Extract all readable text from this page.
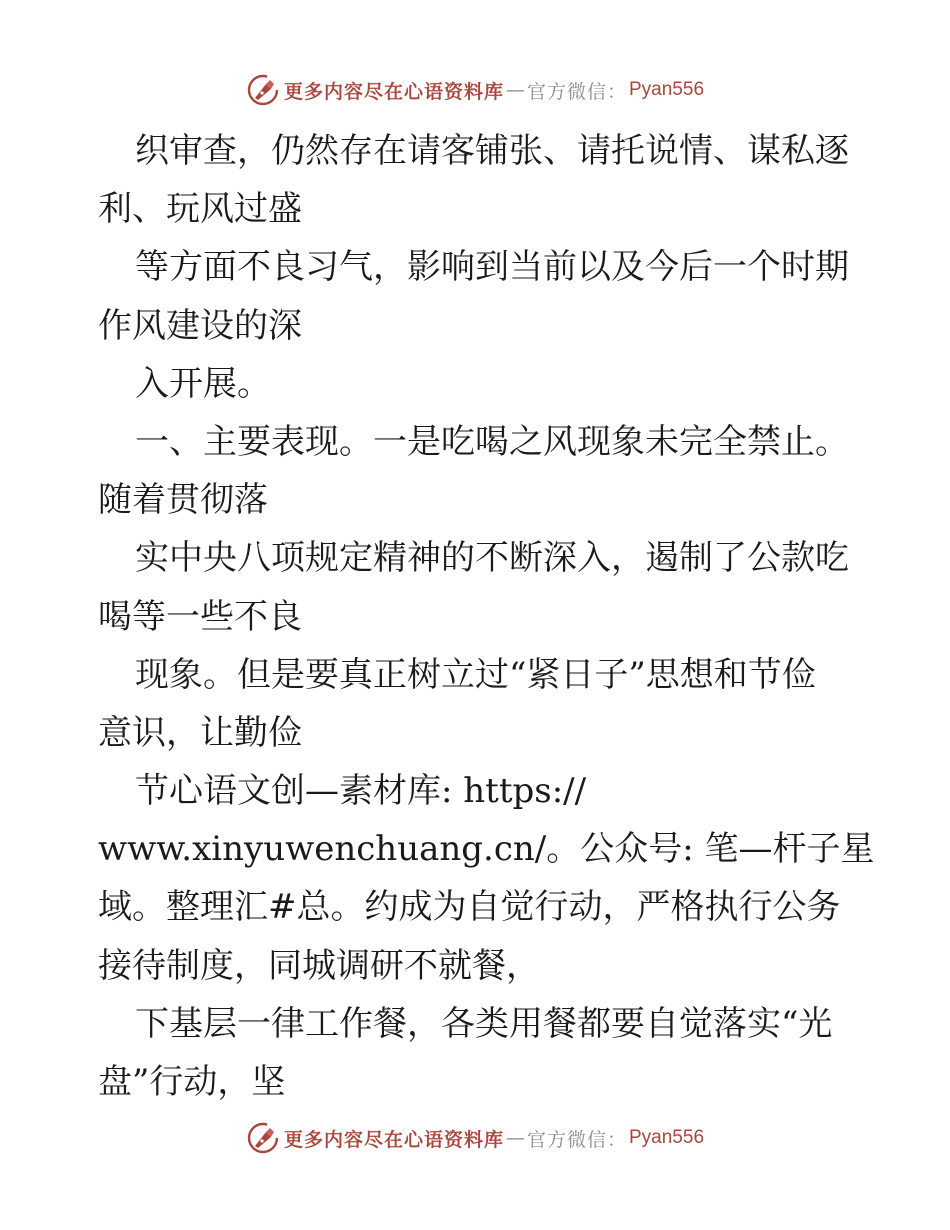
更多内容尽在心语资料库 — 官方微信： Pyan556
织审查，仍然存在请客铺张、请托说情、谋私逐
利、玩风过盛
等方面不良习气，影响到当前以及今后一个时期
作风建设的深
入开展。
一、主要表现。一是吃喝之风现象未完全禁止。
随着贯彻落
实中央八项规定精神的不断深入，遏制了公款吃
喝等一些不良
现象。但是要真正树立过“紧日子”思想和节俭
意识，让勤俭
节心语文创—素材库: https://
www.xinyuwenchuang.cn/。公众号: 笔—杆子星
域。整理汇#总。约成为自觉行动，严格执行公务
接待制度，同城调研不就餐，
下基层一律工作餐，各类用餐都要自觉落实“光
盘”行动，坚
更多内容尽在心语资料库 — 官方微信： Pyan556
